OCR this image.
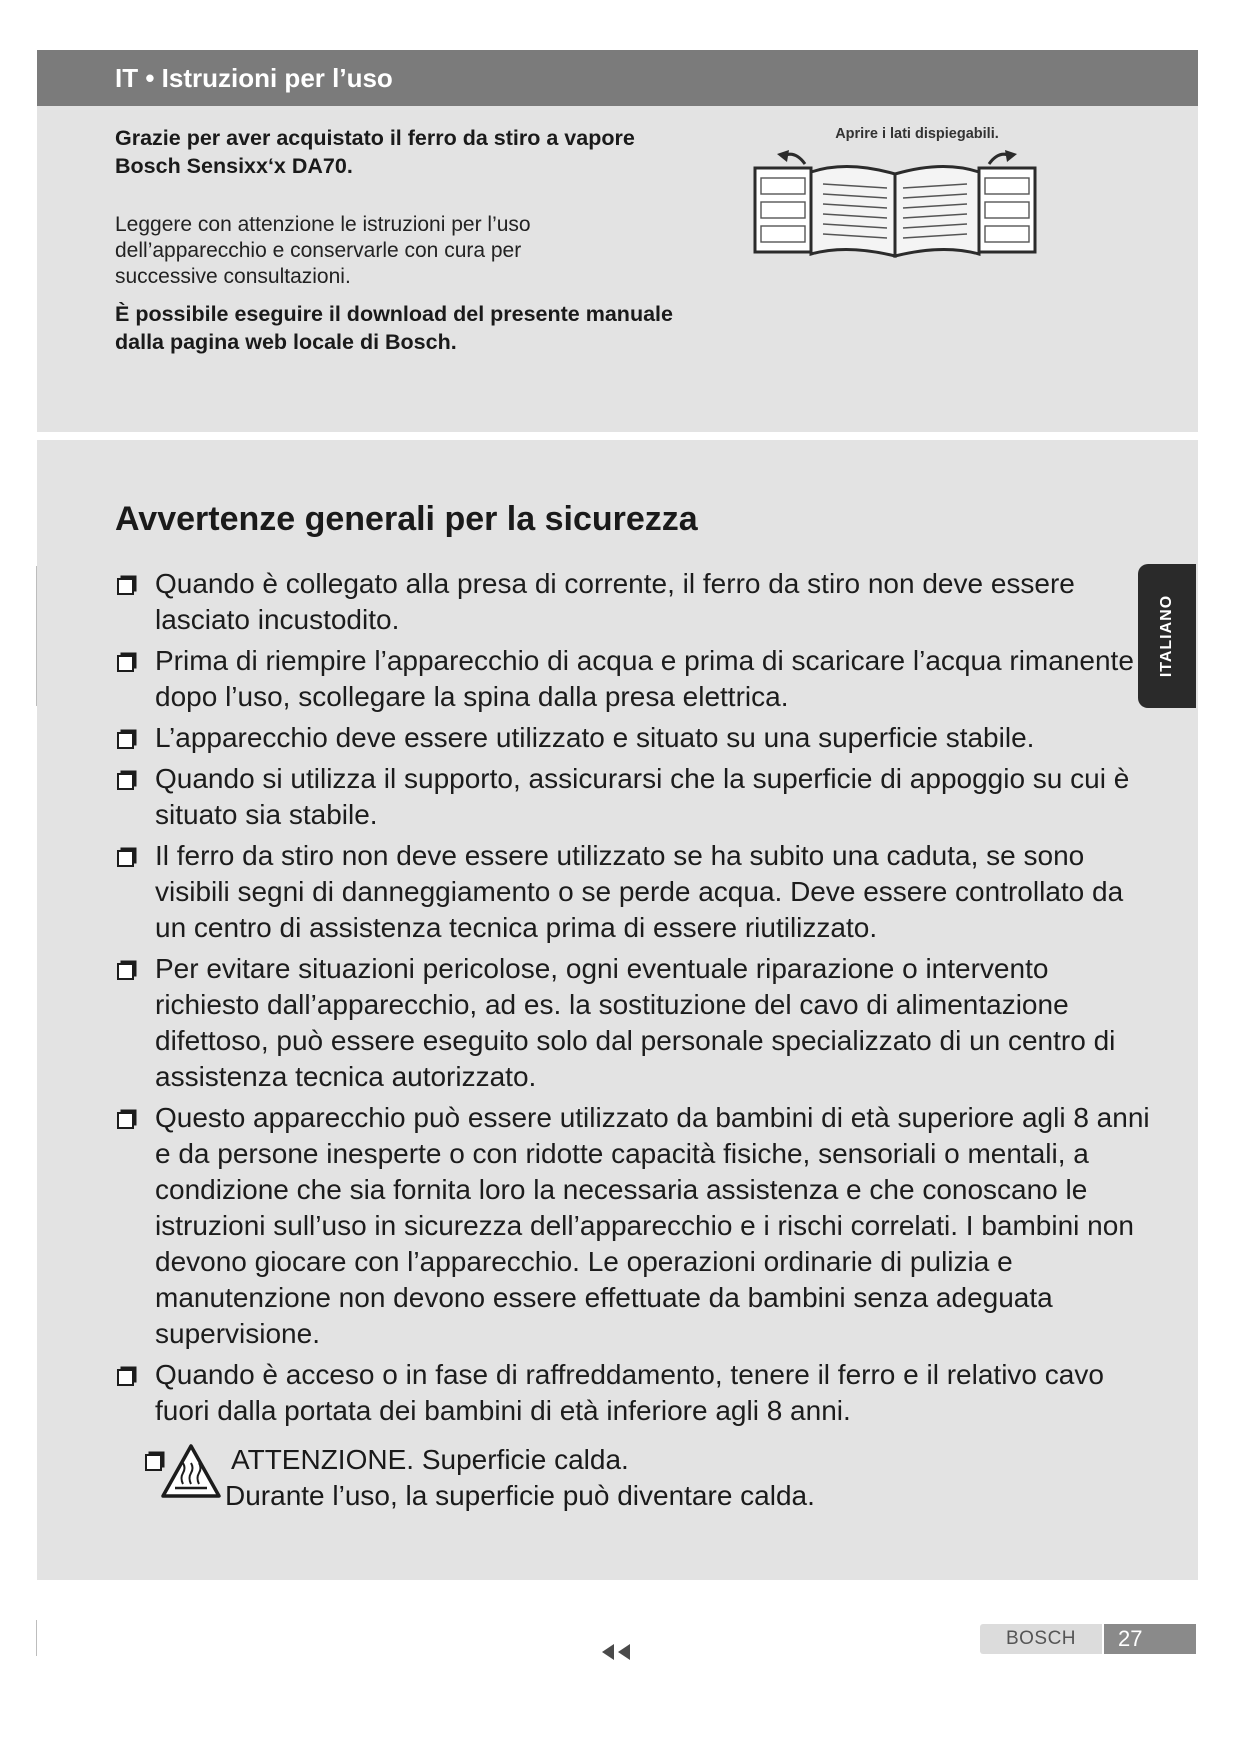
IT • Istruzioni per l’uso
Grazie per aver acquistato il ferro da stiro a vapore Bosch Sensixx‘x DA70.
Leggere con attenzione le istruzioni per l’uso dell’apparecchio e conservarle con cura per successive consultazioni.
È possibile eseguire il download del presente manuale dalla pagina web locale di Bosch.
Aprire i lati dispiegabili.
Avvertenze generali per la sicurezza
Quando è collegato alla presa di corrente, il ferro da stiro non deve essere lasciato incustodito.
Prima di riempire l’apparecchio di acqua e prima di scaricare l’acqua rimanente dopo l’uso, scollegare la spina dalla presa elettrica.
L’apparecchio deve essere utilizzato e situato su una superficie stabile.
Quando si utilizza il supporto, assicurarsi che la superficie di appoggio su cui è situato sia stabile.
Il ferro da stiro non deve essere utilizzato se ha subito una caduta, se sono visibili segni di danneggiamento o se perde acqua. Deve essere controllato da un centro di assistenza tecnica prima di essere riutilizzato.
Per evitare situazioni pericolose, ogni eventuale riparazione o intervento richiesto dall’apparecchio, ad es. la sostituzione del cavo di alimentazione difettoso, può essere eseguito solo dal personale specializzato di un centro di assistenza tecnica autorizzato.
Questo apparecchio può essere utilizzato da bambini di età superiore agli 8 anni e da persone inesperte o con ridotte capacità fisiche, sensoriali o mentali, a condizione che sia fornita loro la necessaria assistenza e che conoscano le istruzioni sull’uso in sicurezza dell’apparecchio e i rischi correlati. I bambini non devono giocare con l’apparecchio. Le operazioni ordinarie di pulizia e manutenzione non devono essere effettuate da bambini senza adeguata supervisione.
Quando è acceso o in fase di raffreddamento, tenere il ferro e il relativo cavo fuori dalla portata dei bambini di età inferiore agli 8 anni.
ATTENZIONE. Superficie calda.
Durante l’uso, la superficie può diventare calda.
ITALIANO
BOSCH	27
